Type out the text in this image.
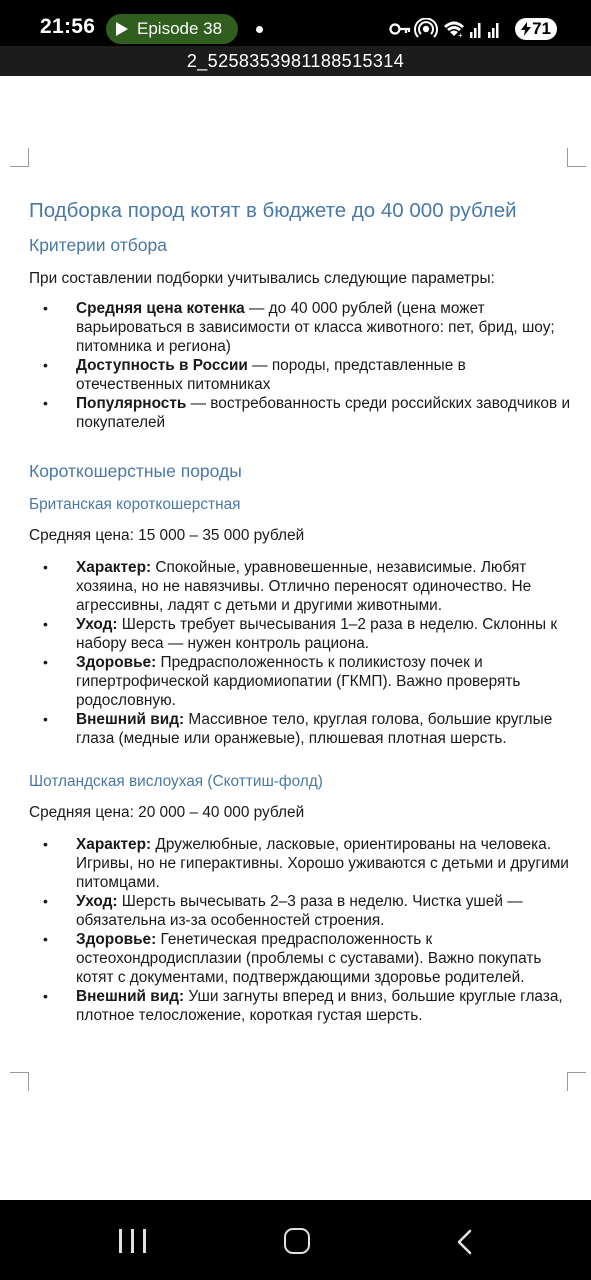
21:56 Episode 38	+	71
2_5258353981188515314
Подборка пород котят в бюджете до 40 000 рублей
Критерии отбора
При составлении подборки учитывались следующие параметры:
• Средняя цена котенка — до 40 000 рублей (цена может варьироваться в зависимости от класса животного: пет, брид, шоу; питомника и региона)
• Доступность в России — породы, представленные в отечественных питомниках
• Популярность — востребованность среди российских заводчиков и покупателей
Короткошерстные породы
Британская короткошерстная
Средняя цена: 15 000 – 35 000 рублей
• Характер: Спокойные, уравновешенные, независимые. Любят хозяина, но не навязчивы. Отлично переносят одиночество. Не агрессивны, ладят с детьми и другими животными.
• Уход: Шерсть требует вычесывания 1–2 раза в неделю. Склонны к набору веса — нужен контроль рациона.
• Здоровье: Предрасположенность к поликистозу почек и гипертрофической кардиомиопатии (ГКМП). Важно проверять родословную.
• Внешний вид: Массивное тело, круглая голова, большие круглые глаза (медные или оранжевые), плюшевая плотная шерсть.
Шотландская вислоухая (Скоттиш-фолд)
Средняя цена: 20 000 – 40 000 рублей
• Характер: Дружелюбные, ласковые, ориентированы на человека. Игривы, но не гиперактивны. Хорошо уживаются с детьми и другими питомцами.
• Уход: Шерсть вычесывать 2–3 раза в неделю. Чистка ушей — обязательна из-за особенностей строения.
• Здоровье: Генетическая предрасположенность к остеохондродисплазии (проблемы с суставами). Важно покупать котят с документами, подтверждающими здоровье родителей.
• Внешний вид: Уши загнуты вперед и вниз, большие круглые глаза, плотное телосложение, короткая густая шерсть.
